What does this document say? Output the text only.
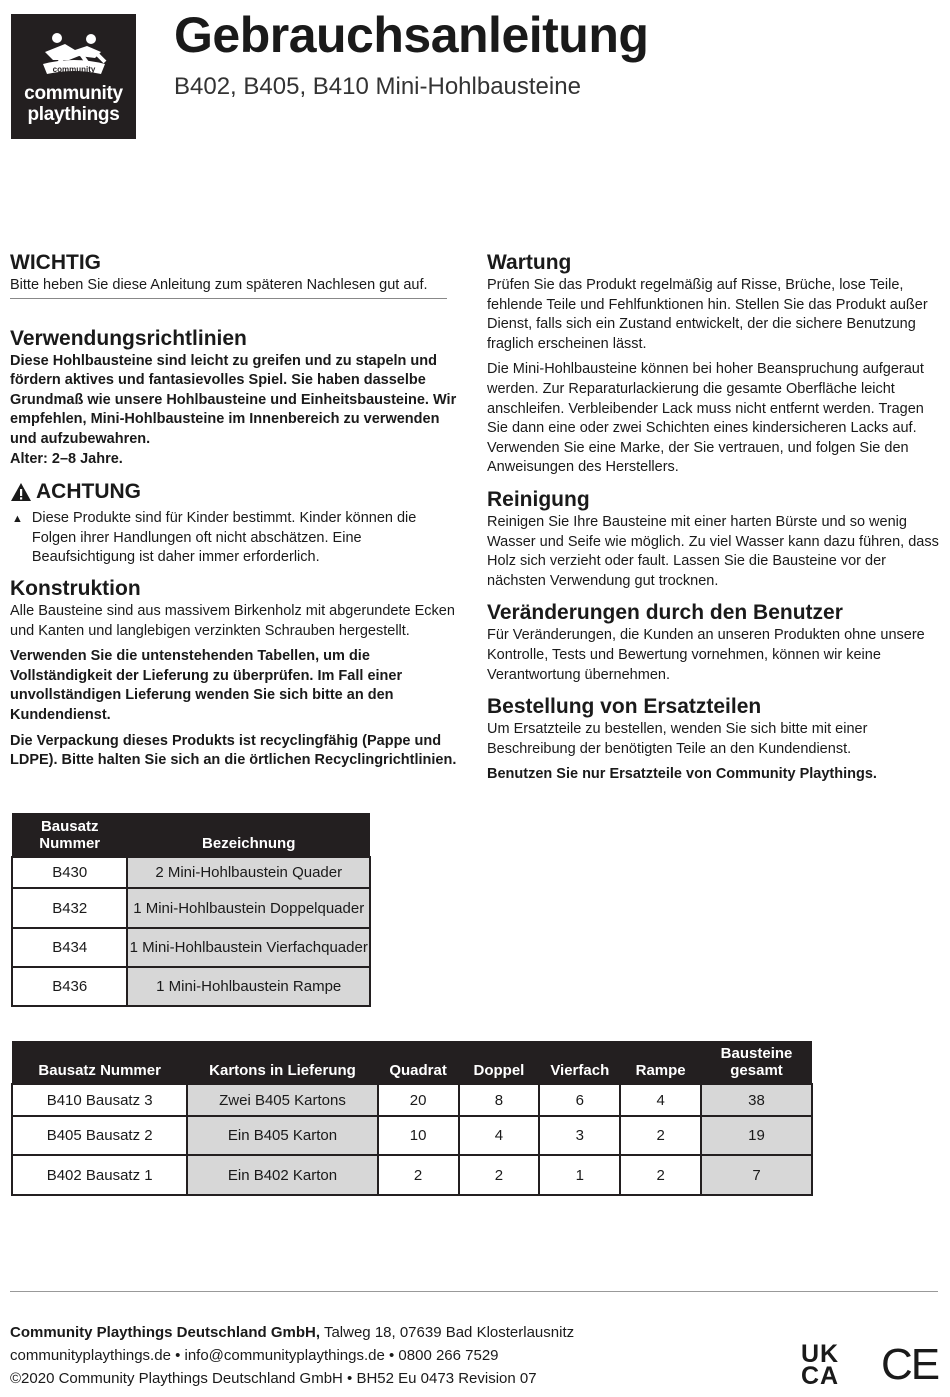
community
community
playthings
Gebrauchsanleitung
B402, B405, B410 Mini-Hohlbausteine
WICHTIG

Bitte heben Sie diese Anleitung zum späteren Nachlesen gut auf.

Verwendungsrichtlinien

Diese Hohlbausteine sind leicht zu greifen und zu stapeln und fördern aktives und fantasievolles Spiel. Sie haben dasselbe Grundmaß wie unsere Hohlbausteine und Einheitsbausteine. Wir empfehlen, Mini-Hohlbausteine im Innenbereich zu verwenden und aufzubewahren.

Alter: 2–8 Jahre.

ACHTUNG
▲ Diese Produkte sind für Kinder bestimmt. Kinder können die Folgen ihrer Handlungen oft nicht abschätzen. Eine Beaufsichtigung ist daher immer erforderlich.

Konstruktion

Alle Bausteine sind aus massivem Birkenholz mit abgerundete Ecken und Kanten und langlebigen verzinkten Schrauben hergestellt.

Verwenden Sie die untenstehenden Tabellen, um die Vollständigkeit der Lieferung zu überprüfen. Im Fall einer unvollständigen Lieferung wenden Sie sich bitte an den Kundendienst.

Die Verpackung dieses Produkts ist recyclingfähig (Pappe und LDPE). Bitte halten Sie sich an die örtlichen Recyclingrichtlinien.

Wartung

Prüfen Sie das Produkt regelmäßig auf Risse, Brüche, lose Teile, fehlende Teile und Fehlfunktionen hin. Stellen Sie das Produkt außer Dienst, falls sich ein Zustand entwickelt, der die sichere Benutzung fraglich erscheinen lässt.

Die Mini-Hohlbausteine können bei hoher Beanspruchung aufgeraut werden. Zur Reparaturlackierung die gesamte Oberfläche leicht anschleifen. Verbleibender Lack muss nicht entfernt werden. Tragen Sie dann eine oder zwei Schichten eines kindersicheren Lacks auf. Verwenden Sie eine Marke, der Sie vertrauen, und folgen Sie den Anweisungen des Herstellers.

Reinigung

Reinigen Sie Ihre Bausteine mit einer harten Bürste und so wenig Wasser und Seife wie möglich. Zu viel Wasser kann dazu führen, dass Holz sich verzieht oder fault. Lassen Sie die Bausteine vor der nächsten Verwendung gut trocknen.

Veränderungen durch den Benutzer

Für Veränderungen, die Kunden an unseren Produkten ohne unsere Kontrolle, Tests und Bewertung vornehmen, können wir keine Verantwortung übernehmen.

Bestellung von Ersatzteilen

Um Ersatzteile zu bestellen, wenden Sie sich bitte mit einer Beschreibung der benötigten Teile an den Kundendienst.

Benutzen Sie nur Ersatzteile von Community Playthings.

Bausatz Nummer	Bezeichnung
B430	2 Mini-Hohlbaustein Quader
B432	1 Mini-Hohlbaustein Doppelquader
B434	1 Mini-Hohlbaustein Vierfachquader
B436	1 Mini-Hohlbaustein Rampe
Bausatz Nummer	Kartons in Lieferung	Quadrat	Doppel	Vierfach	Rampe	Bausteine gesamt
B410 Bausatz 3	Zwei B405 Kartons	20	8	6	4	38
B405 Bausatz 2	Ein B405 Karton	10	4	3	2	19
B402 Bausatz 1	Ein B402 Karton	2	2	1	2	7
Community Playthings Deutschland GmbH, Talweg 18, 07639 Bad Klosterlausnitz
communityplaythings.de • info@communityplaythings.de • 0800 266 7529
©2020 Community Playthings Deutschland GmbH • BH52 Eu 0473 Revision 07
UK
CA CE
